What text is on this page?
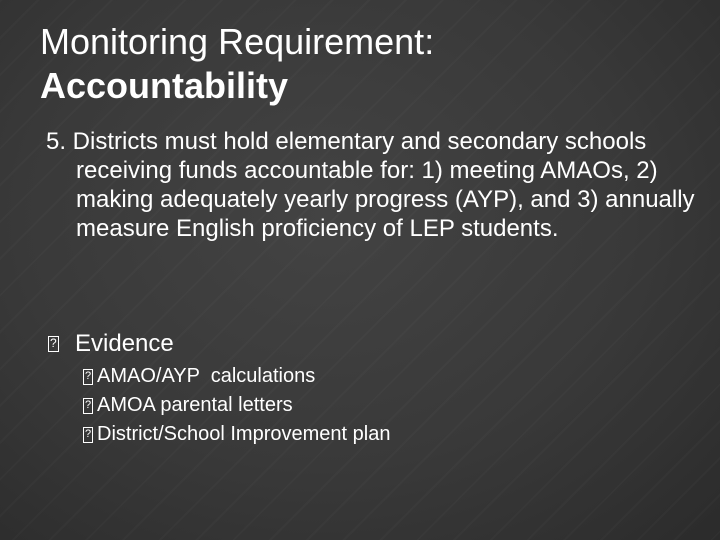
Monitoring Requirement:
Accountability

5. Districts must hold elementary and secondary schools receiving funds accountable for: 1) meeting AMAOs, 2) making adequately yearly progress (AYP), and 3) annually measure English proficiency of LEP students.

?
Evidence
?
AMAO/AYP  calculations
?
AMOA parental letters
?
District/School Improvement plan
